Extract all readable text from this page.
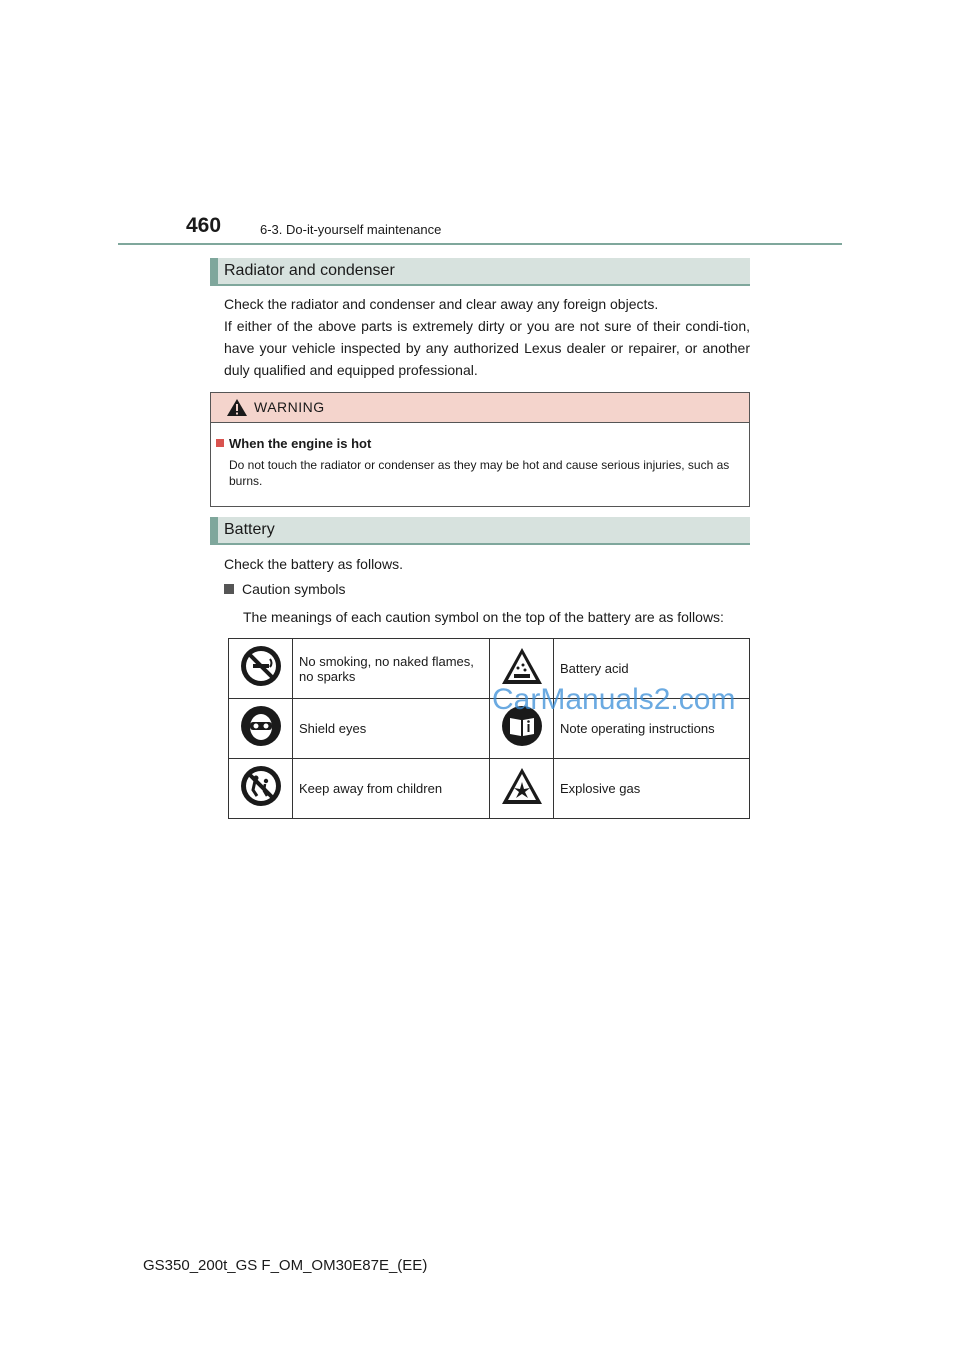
460	6-3. Do-it-yourself maintenance
Radiator and condenser
Check the radiator and condenser and clear away any foreign objects.
If either of the above parts is extremely dirty or you are not sure of their condi-tion, have your vehicle inspected by any authorized Lexus dealer or repairer, or another duly qualified and equipped professional.
WARNING
When the engine is hot
Do not touch the radiator or condenser as they may be hot and cause serious injuries, such as burns.
Battery
Check the battery as follows.
Caution symbols
The meanings of each caution symbol on the top of the battery are as follows:
	No smoking, no naked flames, no sparks		Battery acid
	Shield eyes		Note operating instructions
	Keep away from children		Explosive gas
CarManuals2.com
GS350_200t_GS F_OM_OM30E87E_(EE)
